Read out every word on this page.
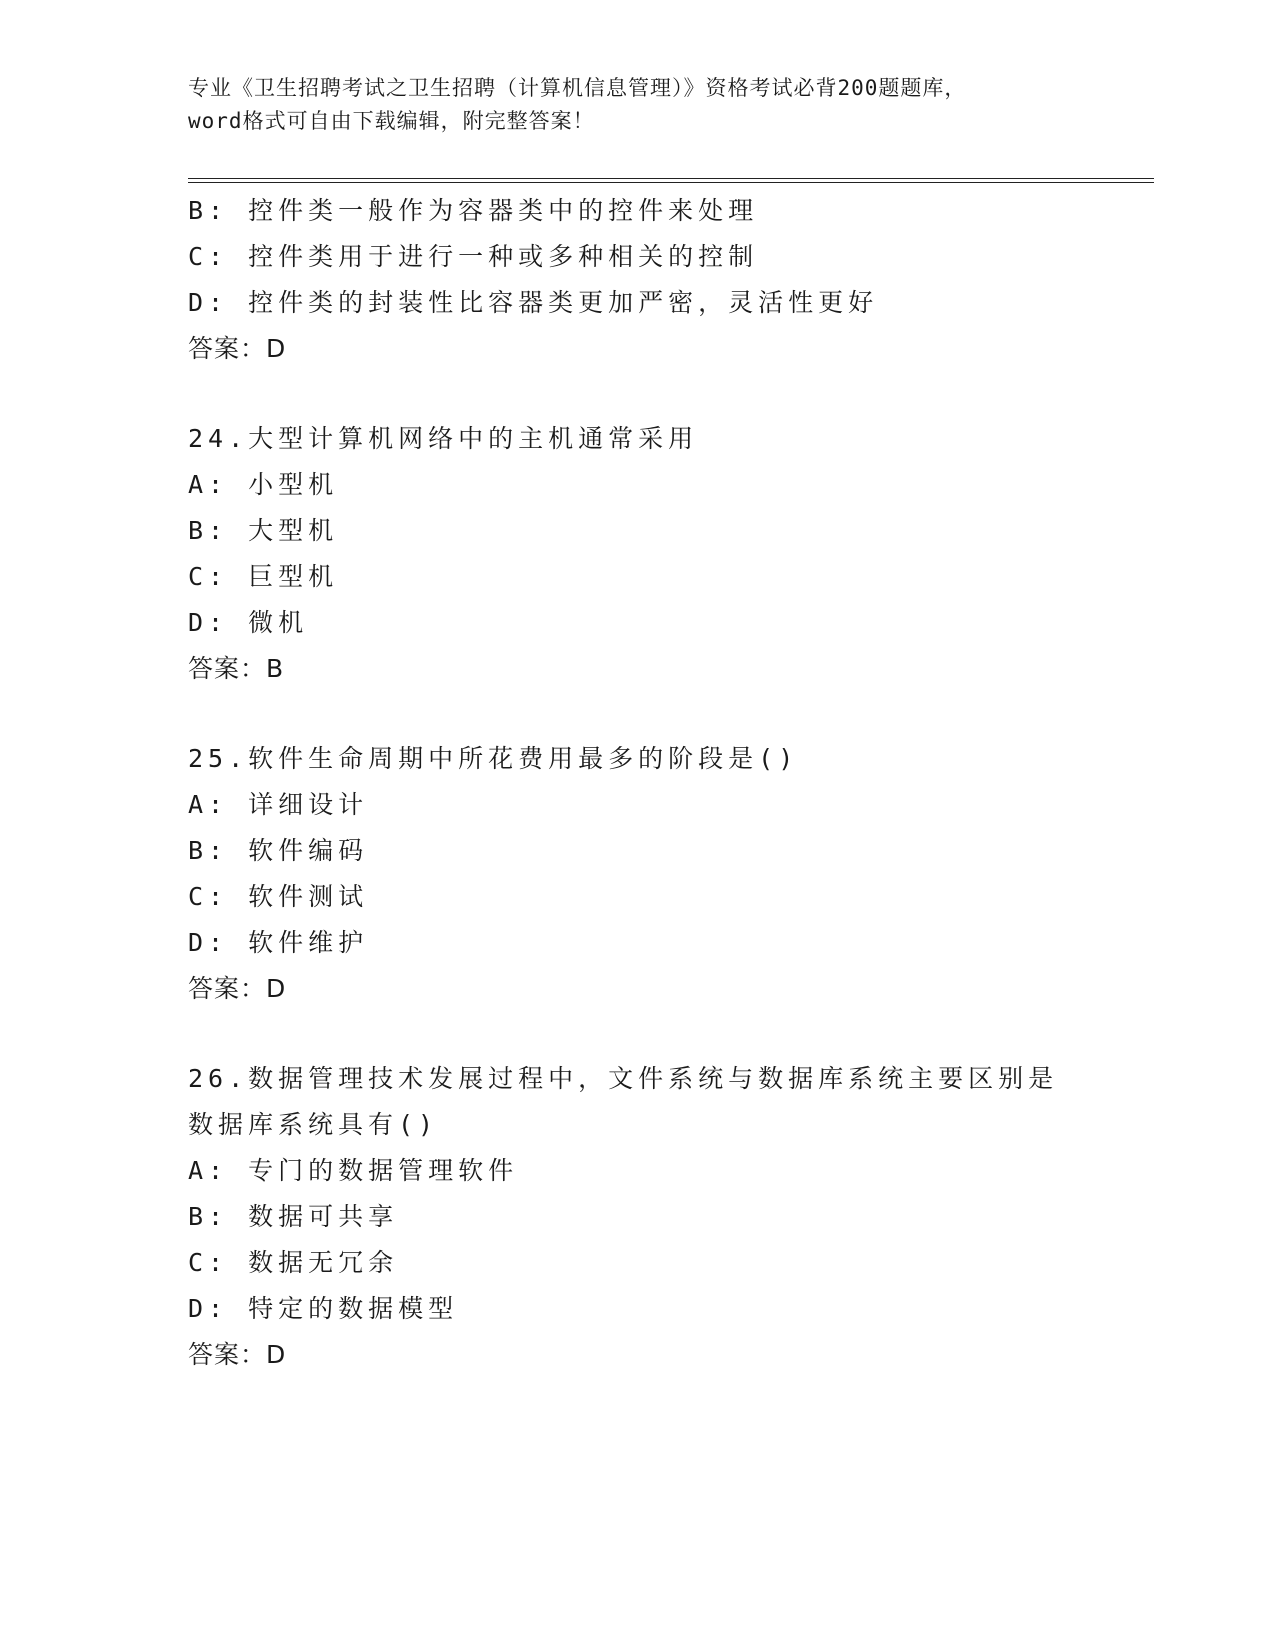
专业《卫生招聘考试之卫生招聘（计算机信息管理）》资格考试必背200题题库，
word格式可自由下载编辑，附完整答案！
B: 控件类一般作为容器类中的控件来处理
C: 控件类用于进行一种或多种相关的控制
D: 控件类的封装性比容器类更加严密，灵活性更好
答案：D
24.大型计算机网络中的主机通常采用
A: 小型机
B: 大型机
C: 巨型机
D: 微机
答案：B
25.软件生命周期中所花费用最多的阶段是()
A: 详细设计
B: 软件编码
C: 软件测试
D: 软件维护
答案：D
26.数据管理技术发展过程中，文件系统与数据库系统主要区别是数据库系统具有()
A: 专门的数据管理软件
B: 数据可共享
C: 数据无冗余
D: 特定的数据模型
答案：D
